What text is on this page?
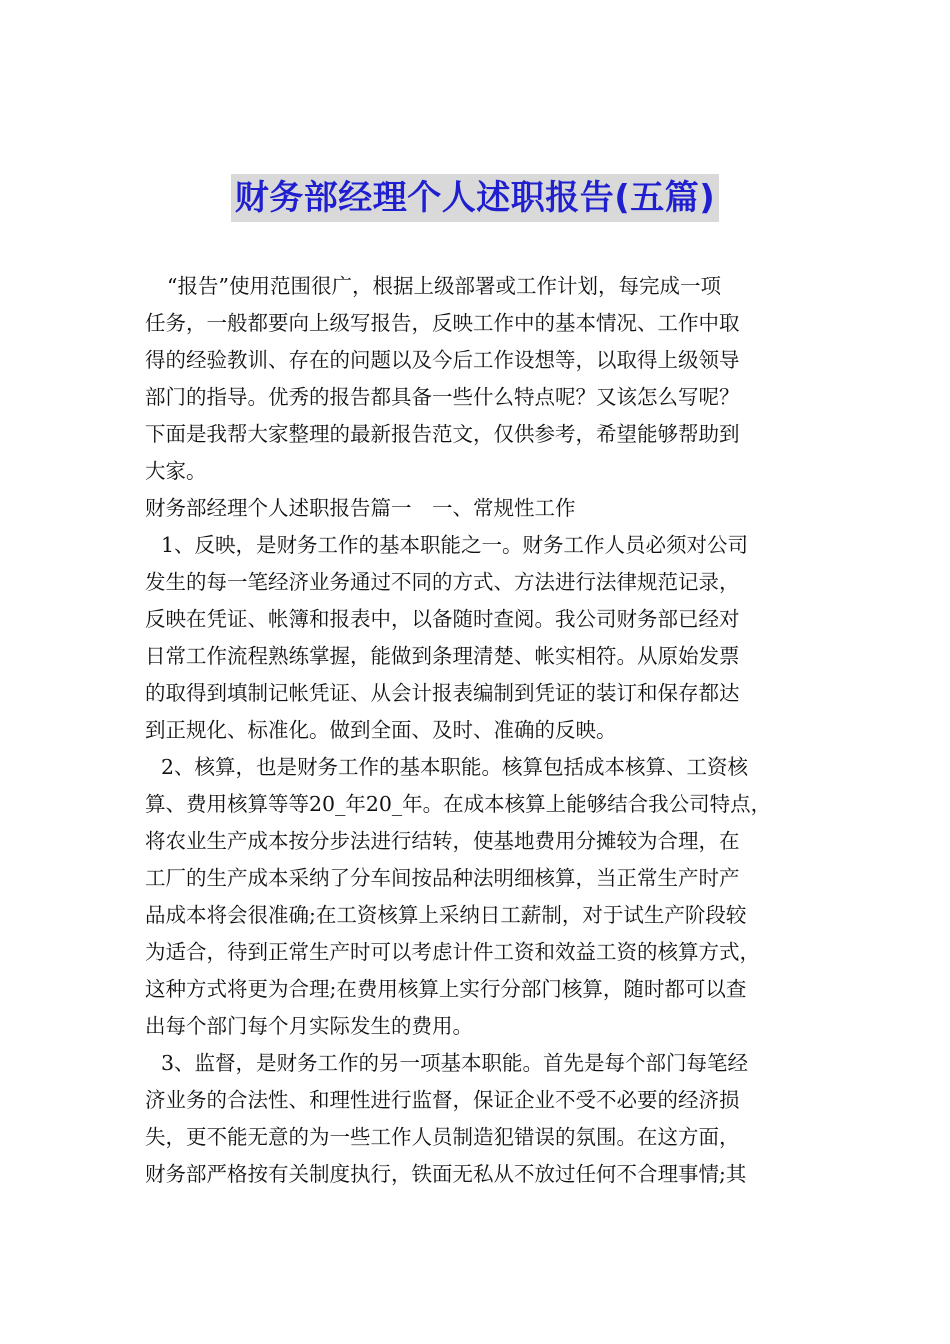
财务部经理个人述职报告(五篇)

“报告”使用范围很广，根据上级部署或工作计划，每完成一项
任务，一般都要向上级写报告，反映工作中的基本情况、工作中取
得的经验教训、存在的问题以及今后工作设想等，以取得上级领导
部门的指导。优秀的报告都具备一些什么特点呢？又该怎么写呢？
下面是我帮大家整理的最新报告范文，仅供参考，希望能够帮助到
大家。

财务部经理个人述职报告篇一　一、常规性工作

1、反映，是财务工作的基本职能之一。财务工作人员必须对公司
发生的每一笔经济业务通过不同的方式、方法进行法律规范记录，
反映在凭证、帐簿和报表中，以备随时查阅。我公司财务部已经对
日常工作流程熟练掌握，能做到条理清楚、帐实相符。从原始发票
的取得到填制记帐凭证、从会计报表编制到凭证的装订和保存都达
到正规化、标准化。做到全面、及时、准确的反映。

2、核算，也是财务工作的基本职能。核算包括成本核算、工资核
算、费用核算等等20_年20_年。在成本核算上能够结合我公司特点，
将农业生产成本按分步法进行结转，使基地费用分摊较为合理，在
工厂的生产成本采纳了分车间按品种法明细核算，当正常生产时产
品成本将会很准确;在工资核算上采纳日工薪制，对于试生产阶段较
为适合，待到正常生产时可以考虑计件工资和效益工资的核算方式，
这种方式将更为合理;在费用核算上实行分部门核算，随时都可以查
出每个部门每个月实际发生的费用。

3、监督，是财务工作的另一项基本职能。首先是每个部门每笔经
济业务的合法性、和理性进行监督，保证企业不受不必要的经济损
失，更不能无意的为一些工作人员制造犯错误的氛围。在这方面，
财务部严格按有关制度执行，铁面无私从不放过任何不合理事情;其
